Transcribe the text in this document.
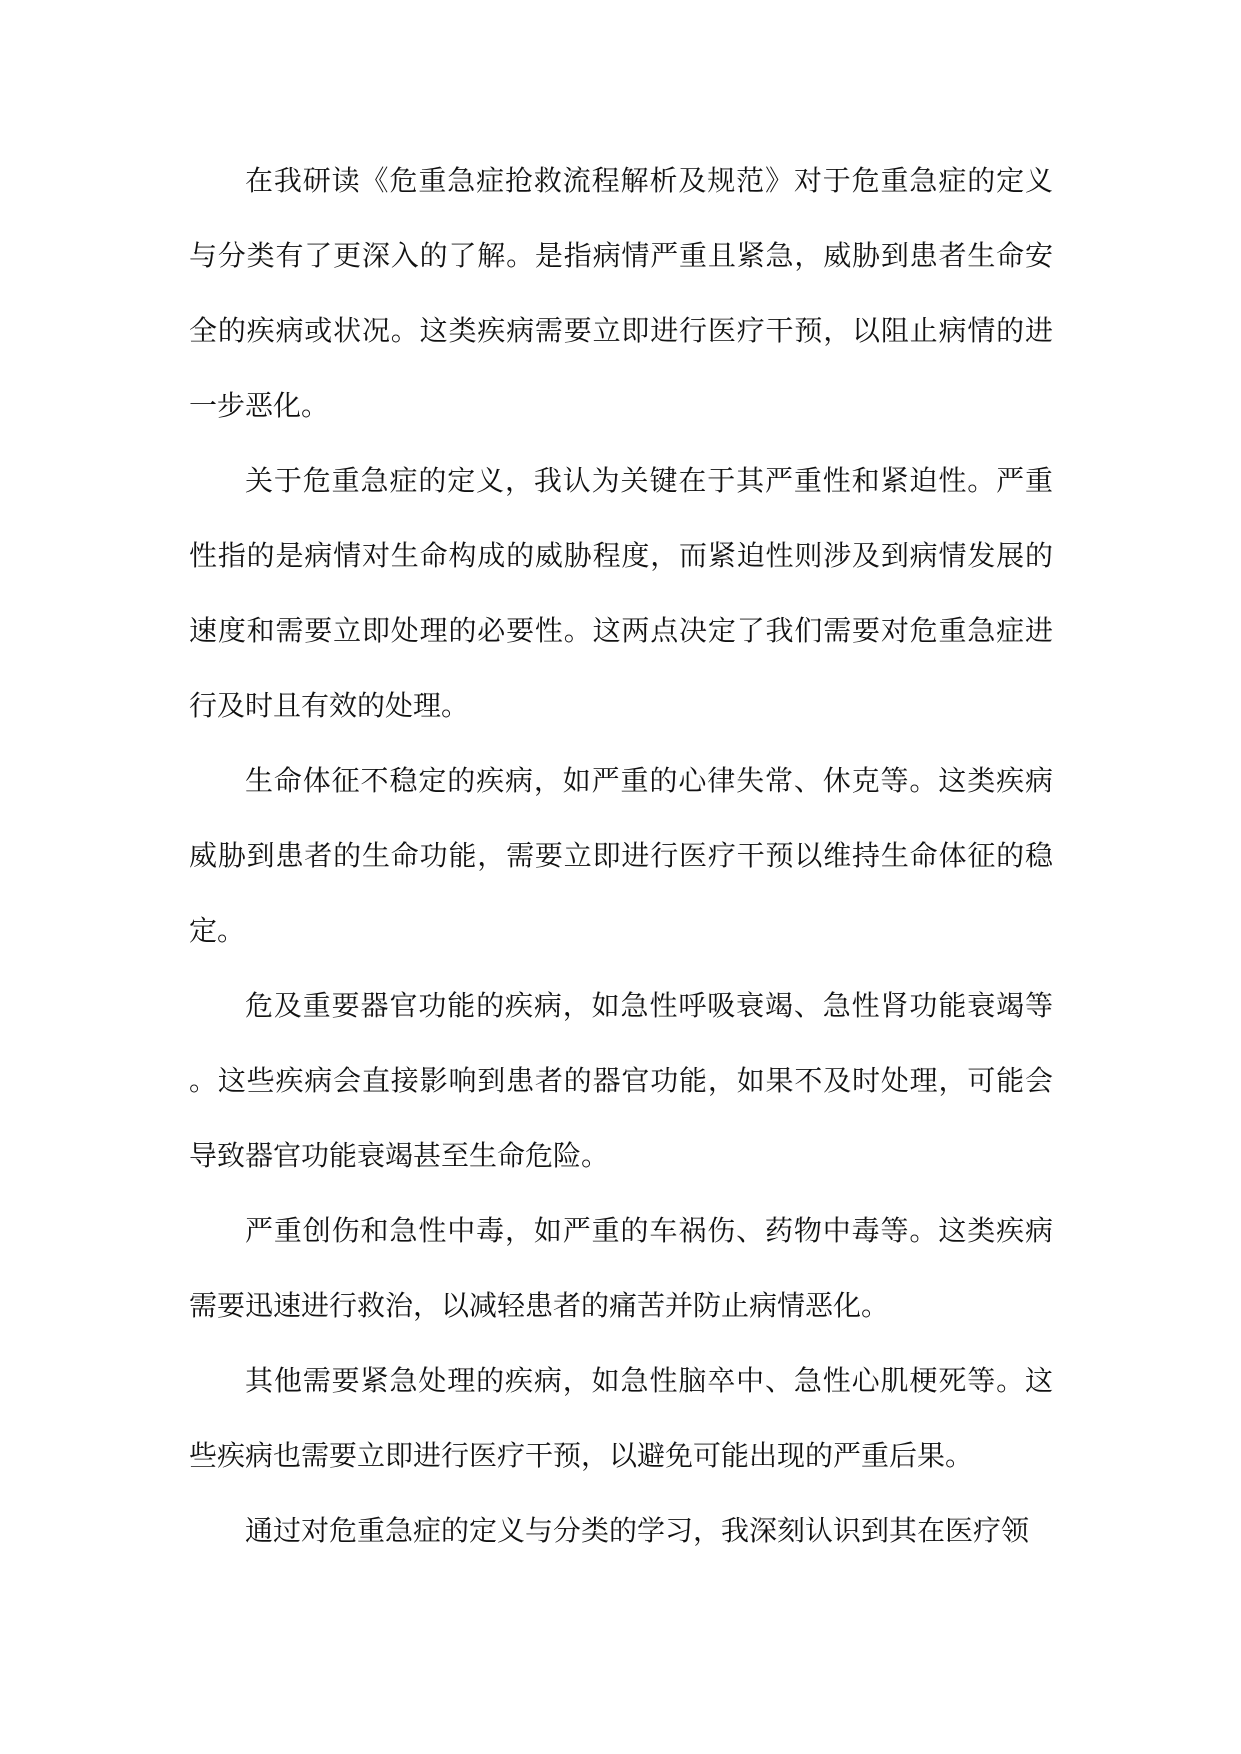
在我研读《危重急症抢救流程解析及规范》对于危重急症的定义与分类有了更深入的了解。是指病情严重且紧急，威胁到患者生命安全的疾病或状况。这类疾病需要立即进行医疗干预，以阻止病情的进一步恶化。

关于危重急症的定义，我认为关键在于其严重性和紧迫性。严重性指的是病情对生命构成的威胁程度，而紧迫性则涉及到病情发展的速度和需要立即处理的必要性。这两点决定了我们需要对危重急症进行及时且有效的处理。

生命体征不稳定的疾病，如严重的心律失常、休克等。这类疾病威胁到患者的生命功能，需要立即进行医疗干预以维持生命体征的稳定。

危及重要器官功能的疾病，如急性呼吸衰竭、急性肾功能衰竭等。这些疾病会直接影响到患者的器官功能，如果不及时处理，可能会导致器官功能衰竭甚至生命危险。

严重创伤和急性中毒，如严重的车祸伤、药物中毒等。这类疾病需要迅速进行救治，以减轻患者的痛苦并防止病情恶化。

其他需要紧急处理的疾病，如急性脑卒中、急性心肌梗死等。这些疾病也需要立即进行医疗干预，以避免可能出现的严重后果。

通过对危重急症的定义与分类的学习，我深刻认识到其在医疗领
